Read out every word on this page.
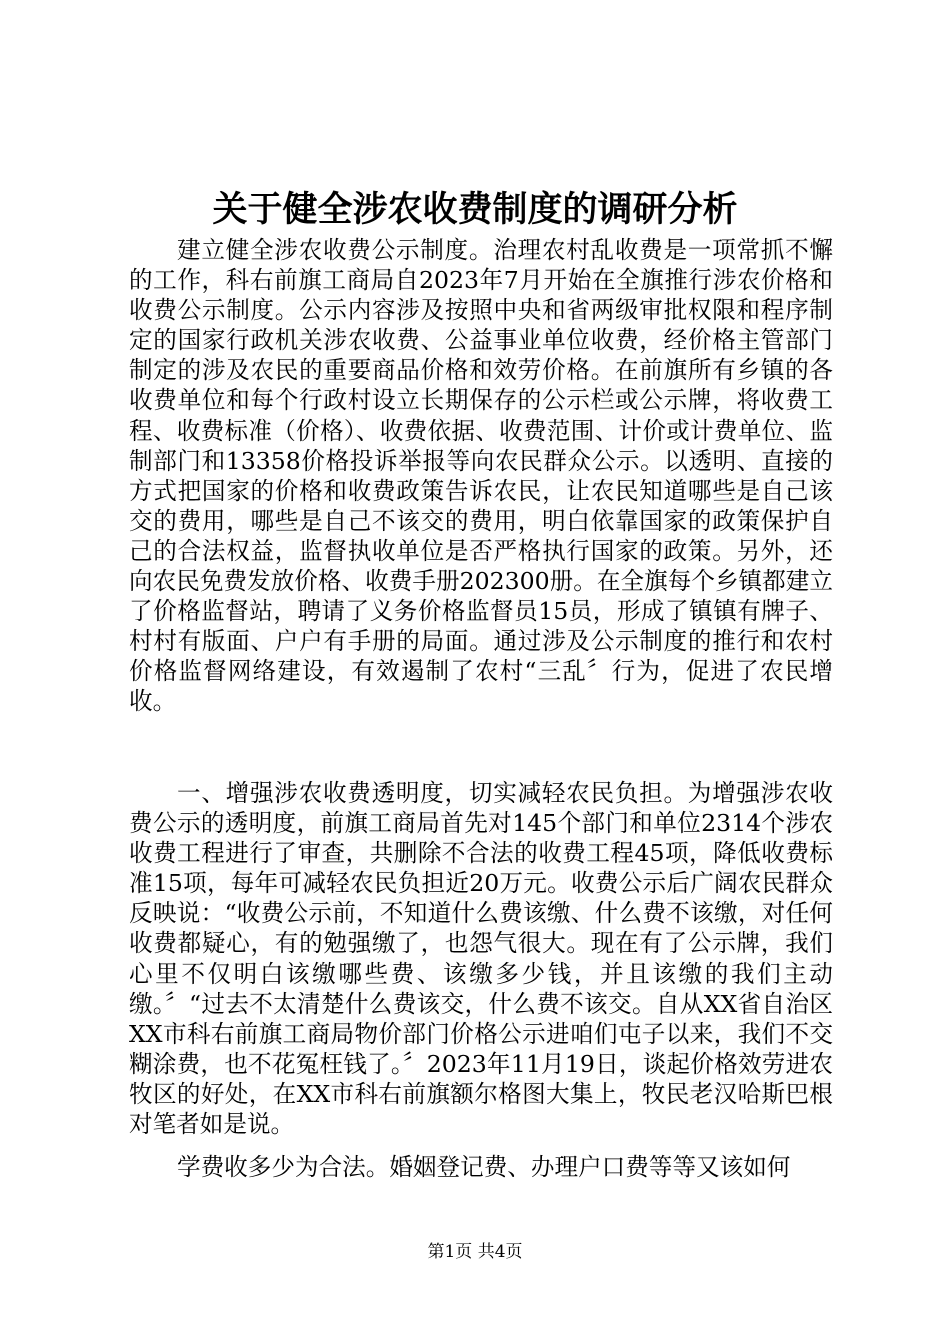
关于健全涉农收费制度的调研分析

建立健全涉农收费公示制度。治理农村乱收费是一项常抓不懈的工作，科右前旗工商局自2023年7月开始在全旗推行涉农价格和收费公示制度。公示内容涉及按照中央和省两级审批权限和程序制定的国家行政机关涉农收费、公益事业单位收费，经价格主管部门制定的涉及农民的重要商品价格和效劳价格。在前旗所有乡镇的各收费单位和每个行政村设立长期保存的公示栏或公示牌，将收费工程、收费标准（价格）、收费依据、收费范围、计价或计费单位、监制部门和13358价格投诉举报等向农民群众公示。以透明、直接的方式把国家的价格和收费政策告诉农民，让农民知道哪些是自己该交的费用，哪些是自己不该交的费用，明白依靠国家的政策保护自己的合法权益，监督执收单位是否严格执行国家的政策。另外，还向农民免费发放价格、收费手册202300册。在全旗每个乡镇都建立了价格监督站，聘请了义务价格监督员15员，形成了镇镇有牌子、村村有版面、户户有手册的局面。通过涉及公示制度的推行和农村价格监督网络建设，有效遏制了农村“三乱〞行为，促进了农民增收。

一、增强涉农收费透明度，切实减轻农民负担。为增强涉农收费公示的透明度，前旗工商局首先对145个部门和单位2314个涉农收费工程进行了审查，共删除不合法的收费工程45项，降低收费标准15项，每年可减轻农民负担近20万元。收费公示后广阔农民群众反映说：“收费公示前，不知道什么费该缴、什么费不该缴，对任何收费都疑心，有的勉强缴了，也怨气很大。现在有了公示牌，我们心里不仅明白该缴哪些费、该缴多少钱，并且该缴的我们主动缴。〞“过去不太清楚什么费该交，什么费不该交。自从XX省自治区XX市科右前旗工商局物价部门价格公示进咱们屯子以来，我们不交糊涂费，也不花冤枉钱了。〞2023年11月19日，谈起价格效劳进农牧区的好处，在XX市科右前旗额尔格图大集上，牧民老汉哈斯巴根对笔者如是说。

学费收多少为合法。婚姻登记费、办理户口费等等又该如何

第1页 共4页
